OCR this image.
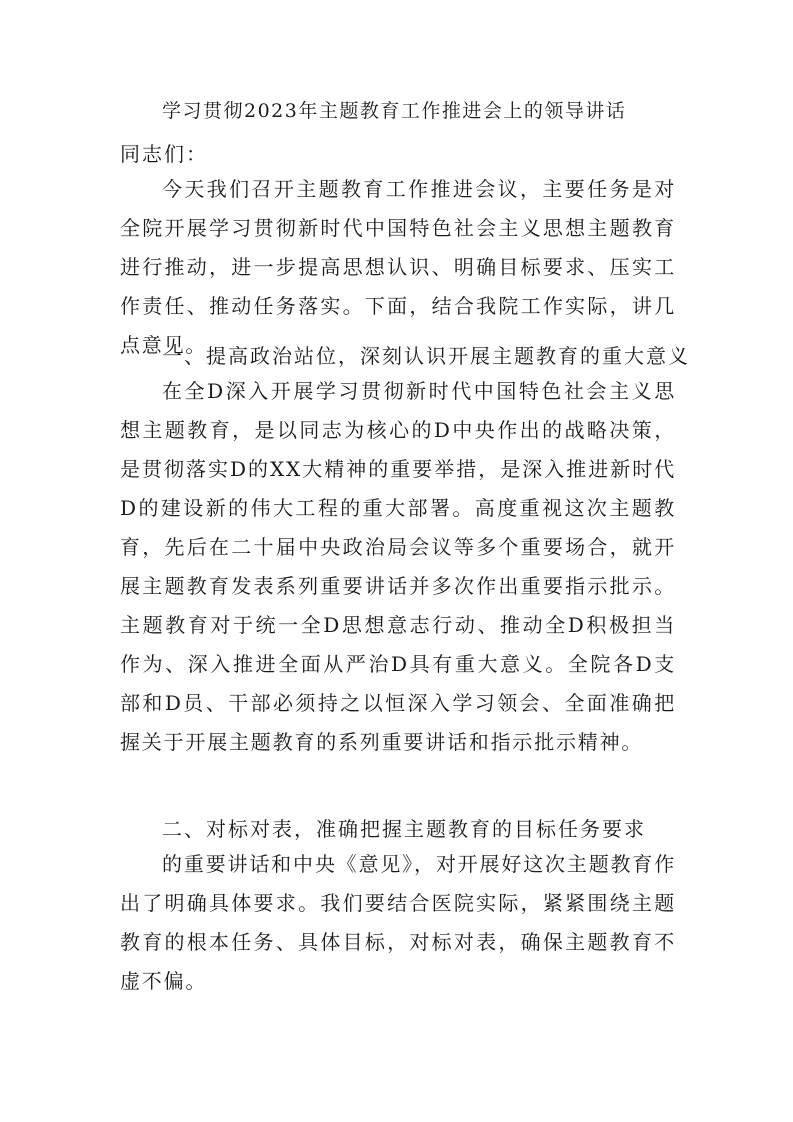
学习贯彻2023年主题教育工作推进会上的领导讲话
同志们：

今天我们召开主题教育工作推进会议，主要任务是对全院开展学习贯彻新时代中国特色社会主义思想主题教育进行推动，进一步提高思想认识、明确目标要求、压实工作责任、推动任务落实。下面，结合我院工作实际，讲几点意见。

一、提高政治站位，深刻认识开展主题教育的重大意义

在全D深入开展学习贯彻新时代中国特色社会主义思想主题教育，是以同志为核心的D中央作出的战略决策，是贯彻落实D的XX大精神的重要举措，是深入推进新时代D的建设新的伟大工程的重大部署。高度重视这次主题教育，先后在二十届中央政治局会议等多个重要场合，就开展主题教育发表系列重要讲话并多次作出重要指示批示。主题教育对于统一全D思想意志行动、推动全D积极担当作为、深入推进全面从严治D具有重大意义。全院各D支部和D员、干部必须持之以恒深入学习领会、全面准确把握关于开展主题教育的系列重要讲话和指示批示精神。

二、对标对表，准确把握主题教育的目标任务要求

的重要讲话和中央《意见》，对开展好这次主题教育作出了明确具体要求。我们要结合医院实际，紧紧围绕主题教育的根本任务、具体目标，对标对表，确保主题教育不虚不偏。
